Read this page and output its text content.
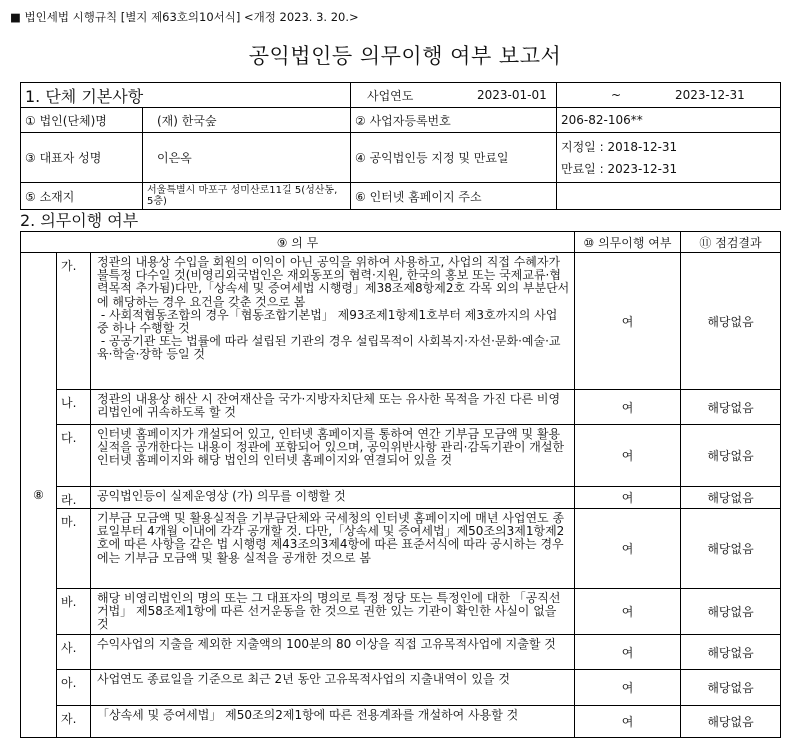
■ 법인세법 시행규칙 [별지 제63호의10서식] <개정 2023. 3. 20.>
공익법인등 의무이행 여부 보고서
1. 단체 기본사항		사업연도	2023-01-01 ~ 2023-12-31

① 법인(단체)명	(재) 한국숲	② 사업자등록번호	206-82-106**
③ 대표자 성명	이은옥	④ 공익법인등 지정 및 만료일	지정일 : 2018-12-31
만료일 : 2023-12-31

⑤ 소재지	서울특별시 마포구 성미산로11길 5(성산동, 5층)	⑥ 인터넷 홈페이지 주소	
2. 의무이행 여부
⑨ 의 무			⑩ 의무이행 여부	⑪ 점검결과
⑧	가.	정관의 내용상 수입을 회원의 이익이 아닌 공익을 위하여 사용하고, 사업의 직접 수혜자가 불특정 다수일 것(비영리외국법인은 재외동포의 협력·지원, 한국의 홍보 또는 국제교류·협력목적 추가됨)다만,「상속세 및 증여세법 시행령」제38조제8항제2호 각목 외의 부분단서에 해당하는 경우 요건을 갖춘 것으로 봄
- 사회적협동조합의 경우「협동조합기본법」 제93조제1항제1호부터 제3호까지의 사업 중 하나 수행할 것
- 공공기관 또는 법률에 따라 설립된 기관의 경우 설립목적이 사회복지·자선·문화·예술·교육·학술·장학 등일 것	여	해당없음
	나.	정관의 내용상 해산 시 잔여재산을 국가·지방자치단체 또는 유사한 목적을 가진 다른 비영리법인에 귀속하도록 할 것	여	해당없음
	다.	인터넷 홈페이지가 개설되어 있고, 인터넷 홈페이지를 통하여 연간 기부금 모금액 및 활용실적을 공개한다는 내용이 정관에 포함되어 있으며, 공익위반사항 관리·감독기관이 개설한 인터넷 홈페이지와 해당 법인의 인터넷 홈페이지와 연결되어 있을 것	여	해당없음
	라.	공익법인등이 실제운영상 (가) 의무를 이행할 것	여	해당없음
	마.	기부금 모금액 및 활용실적을 기부금단체와 국세청의 인터넷 홈페이지에 매년 사업연도 종료일부터 4개월 이내에 각각 공개할 것. 다만,「상속세 및 증여세법」제50조의3제1항제2호에 따른 사항을 같은 법 시행령 제43조의3제4항에 따른 표준서식에 따라 공시하는 경우에는 기부금 모금액 및 활용 실적을 공개한 것으로 봄	여	해당없음
	바.	해당 비영리법인의 명의 또는 그 대표자의 명의로 특정 정당 또는 특정인에 대한 「공직선거법」 제58조제1항에 따른 선거운동을 한 것으로 권한 있는 기관이 확인한 사실이 없을 것	여	해당없음
	사.	수익사업의 지출을 제외한 지출액의 100분의 80 이상을 직접 고유목적사업에 지출할 것	여	해당없음
	아.	사업연도 종료일을 기준으로 최근 2년 동안 고유목적사업의 지출내역이 있을 것	여	해당없음
	자.	「상속세 및 증여세법」 제50조의2제1항에 따른 전용계좌를 개설하여 사용할 것	여	해당없음
